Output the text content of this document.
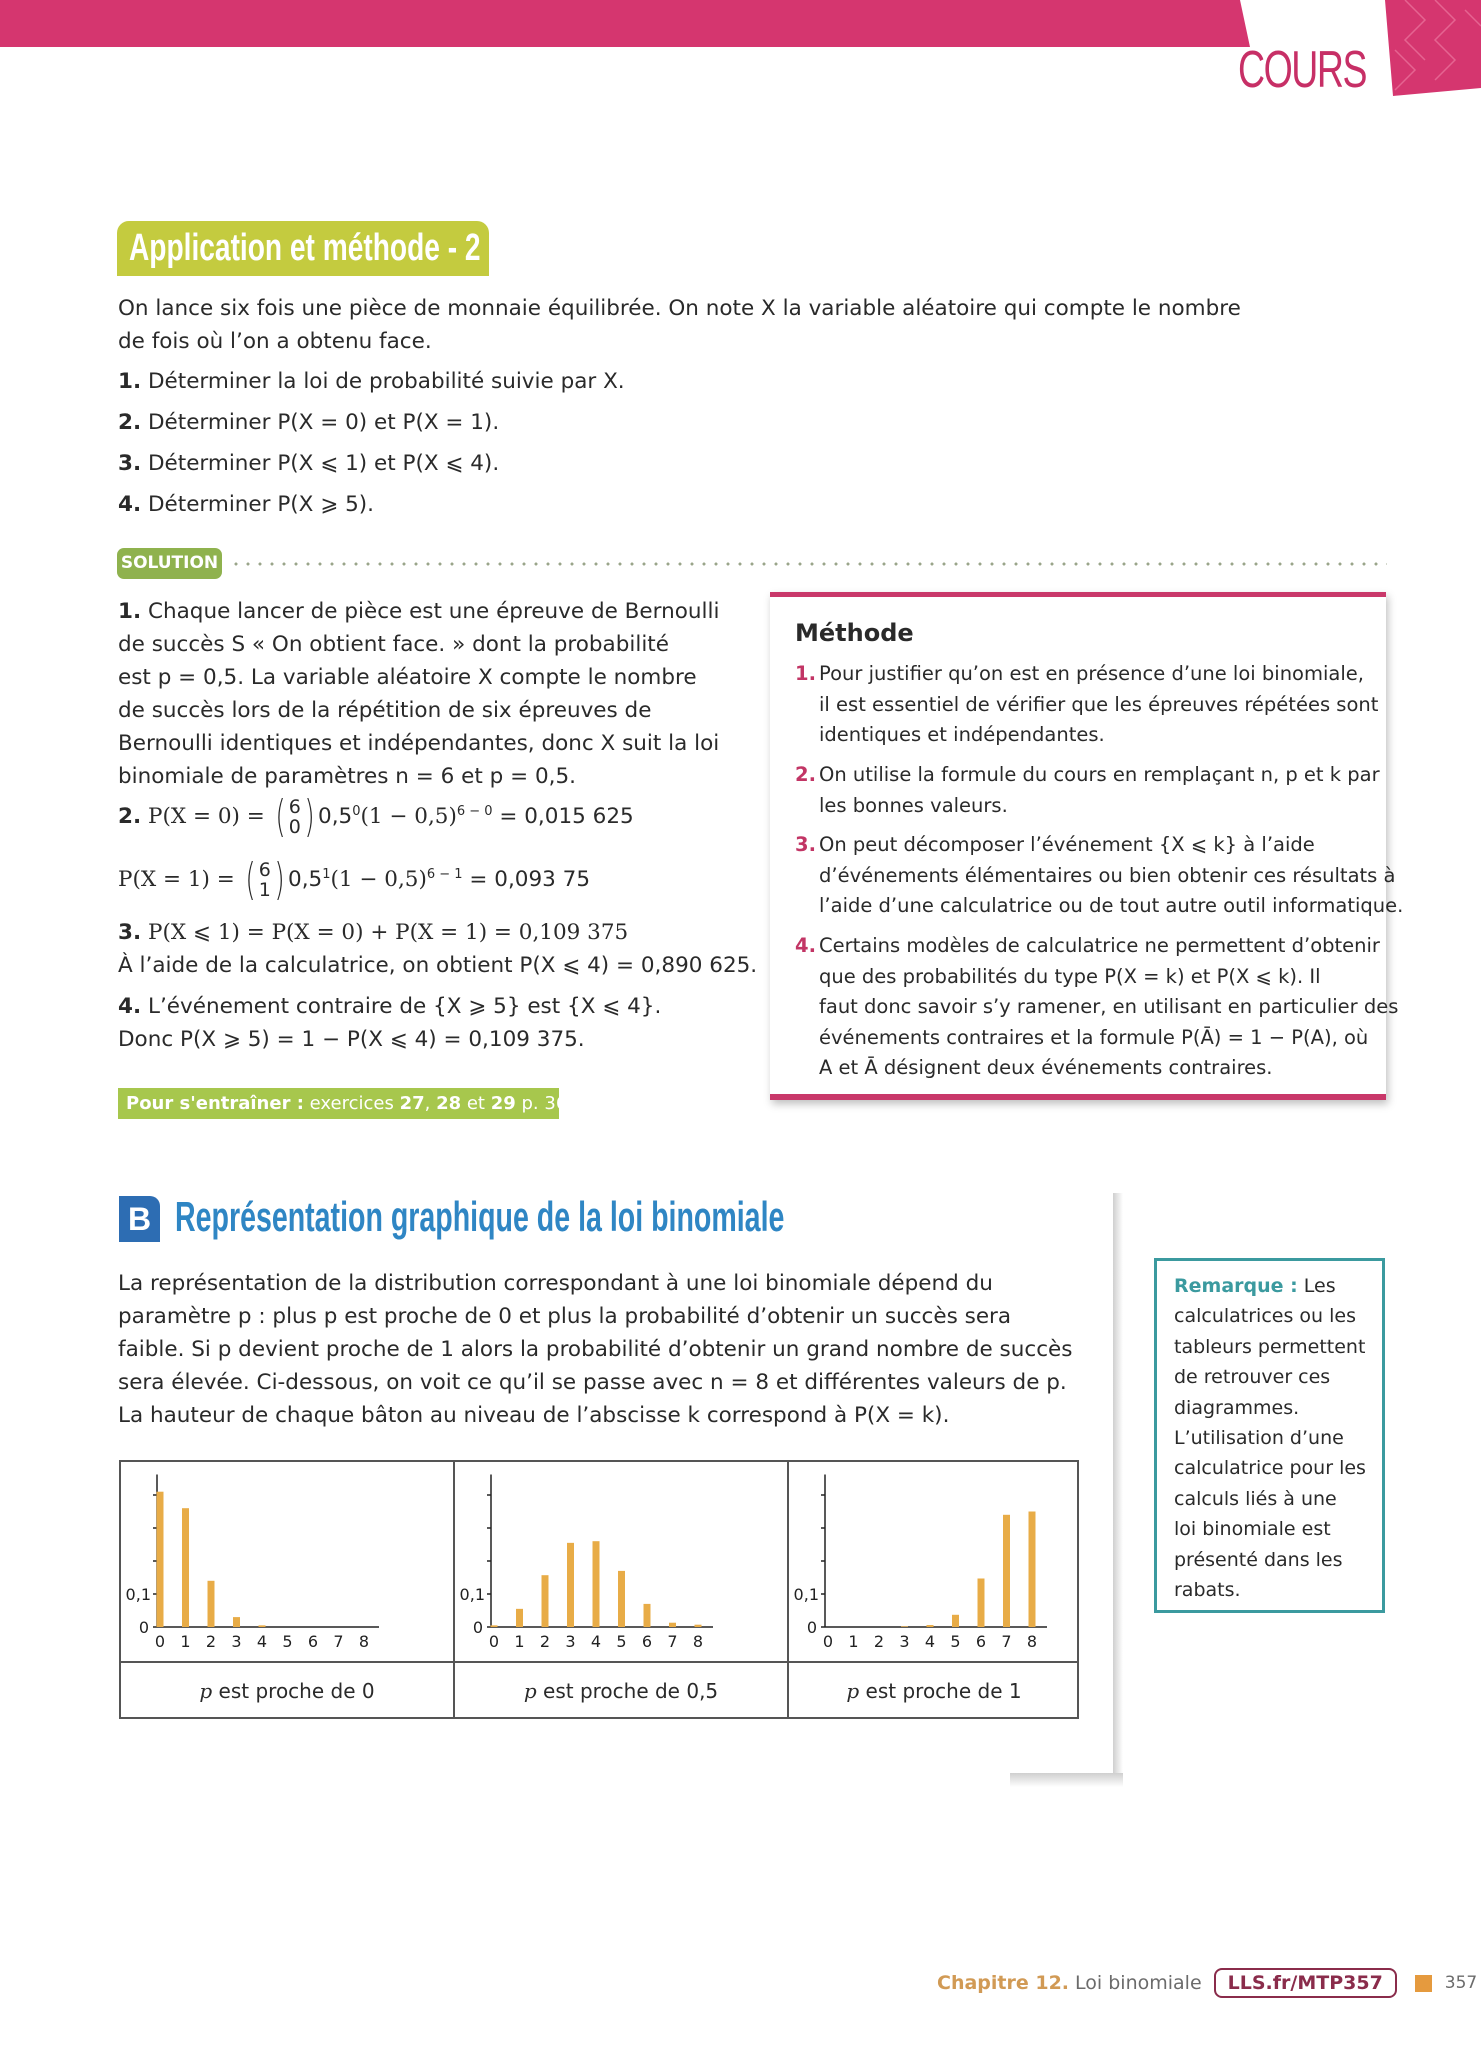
COURS
Application et méthode - 2
On lance six fois une pièce de monnaie équilibrée. On note X la variable aléatoire qui compte le nombre
de fois où l’on a obtenu face.
1. Déterminer la loi de probabilité suivie par X.
2. Déterminer P(X = 0) et P(X = 1).
3. Déterminer P(X ⩽ 1) et P(X ⩽ 4).
4. Déterminer P(X ⩾ 5).
SOLUTION
1. Chaque lancer de pièce est une épreuve de Bernoulli
de succès S « On obtient face. » dont la probabilité
est p = 0,5. La variable aléatoire X compte le nombre
de succès lors de la répétition de six épreuves de
Bernoulli identiques et indépendantes, donc X suit la loi
binomiale de paramètres n = 6 et p = 0,5.
2. P(X = 0) = ( 6
0 ) $0,5^0(1 - 0,5)^{6 - 0} = 0,015$ 625
P(X = 1) = ( 6
1 ) $0,5^1(1 - 0,5)^{6 - 1} = 0,093$ 75
3. P(X ⩽ 1) = P(X = 0) + P(X = 1) = 0,109 375
À l’aide de la calculatrice, on obtient P(X ⩽ 4) = 0,890 625.
4. L’événement contraire de {X ⩾ 5} est {X ⩽ 4}.
Donc P(X ⩾ 5) = 1 − P(X ⩽ 4) = 0,109 375.
Pour s'entraîner : exercices 27, 28 et 29 p. 364
Méthode
1. Pour justifier qu’on est en présence d’une loi binomiale,
il est essentiel de vérifier que les épreuves répétées sont
identiques et indépendantes.
2. On utilise la formule du cours en remplaçant n, p et k par
les bonnes valeurs.
3. On peut décomposer l’événement {X ⩽ k} à l’aide
d’événements élémentaires ou bien obtenir ces résultats à
l’aide d’une calculatrice ou de tout autre outil informatique.
4. Certains modèles de calculatrice ne permettent d’obtenir
que des probabilités du type P(X = k) et P(X ⩽ k). Il
faut donc savoir s’y ramener, en utilisant en particulier des
événements contraires et la formule P(Ā) = 1 − P(A), où
A et Ā désignent deux événements contraires.
B Représentation graphique de la loi binomiale
La représentation de la distribution correspondant à une loi binomiale dépend du
paramètre p : plus p est proche de 0 et plus la probabilité d’obtenir un succès sera
faible. Si p devient proche de 1 alors la probabilité d’obtenir un grand nombre de succès
sera élevée. Ci-dessous, on voit ce qu’il se passe avec n = 8 et différentes valeurs de p.
La hauteur de chaque bâton au niveau de l’abscisse k correspond à P(X = k).
0,1
0
0 1 2 3 4 5 6 7 8
0,1
0
0 1 2 3 4 5 6 7 8
0,1
0
0 1 2 3 4 5 6 7 8
p est proche de 0	p est proche de 0,5	p est proche de 1
Remarque : Les
calculatrices ou les
tableurs permettent
de retrouver ces
diagrammes.
L’utilisation d’une
calculatrice pour les
calculs liés à une
loi binomiale est
présenté dans les
rabats.
Chapitre 12. Loi binomiale	LLS.fr/MTP357	357
